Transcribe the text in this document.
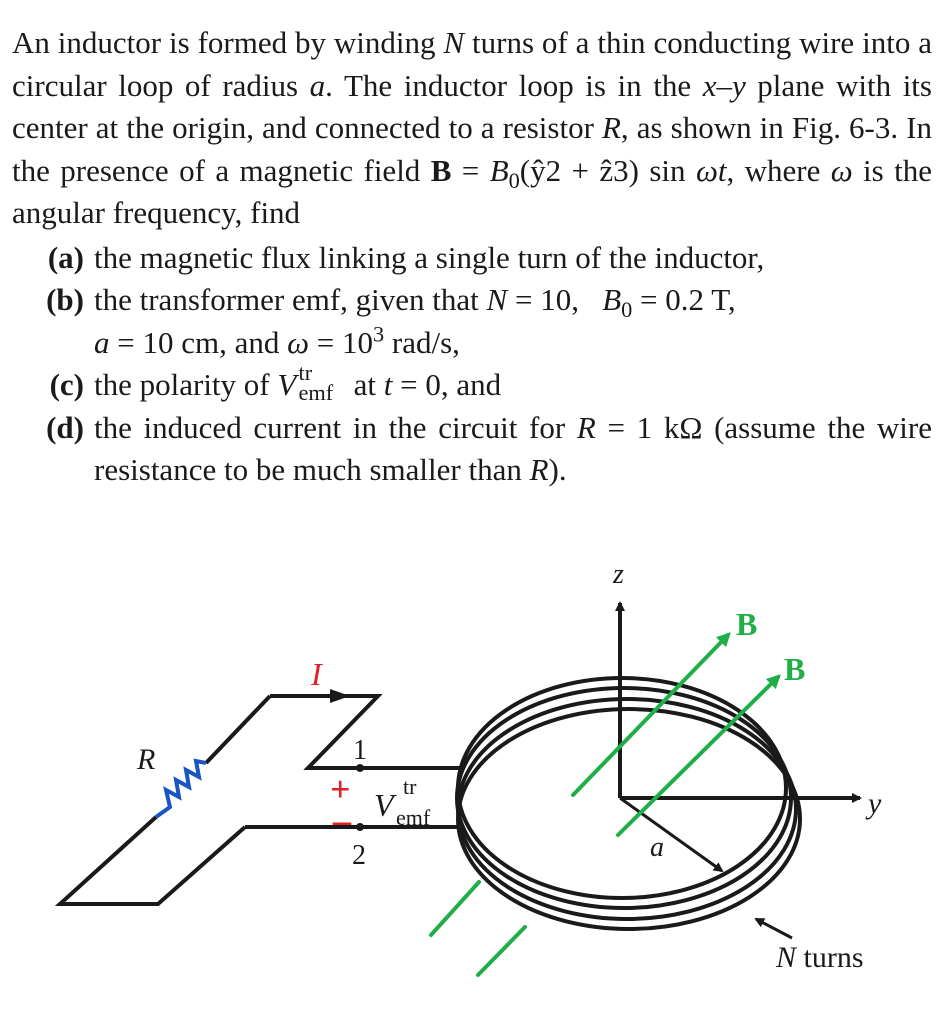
An inductor is formed by winding N turns of a thin conducting wire into a circular loop of radius a. The inductor loop is in the x–y plane with its center at the origin, and connected to a resistor R, as shown in Fig. 6-3. In the presence of a magnetic field $B = B_0(ŷ2$ + ẑ3) sin ωt, where ω is the angular frequency, find

(a) the magnetic flux linking a single turn of the inductor,
(b) the transformer emf, given that N = 10,   $B_0 = 0.2$ T,
a = 10 cm, and $\omega = 10^3$ rad/s,
(c) the polarity of V tr
emf at t = 0, and
(d) the induced current in the circuit for R = 1 kΩ (assume the wire resistance to be much smaller than R).
z
y
B
B
I
R	1
2
+
– V tr emf
a
N turns
